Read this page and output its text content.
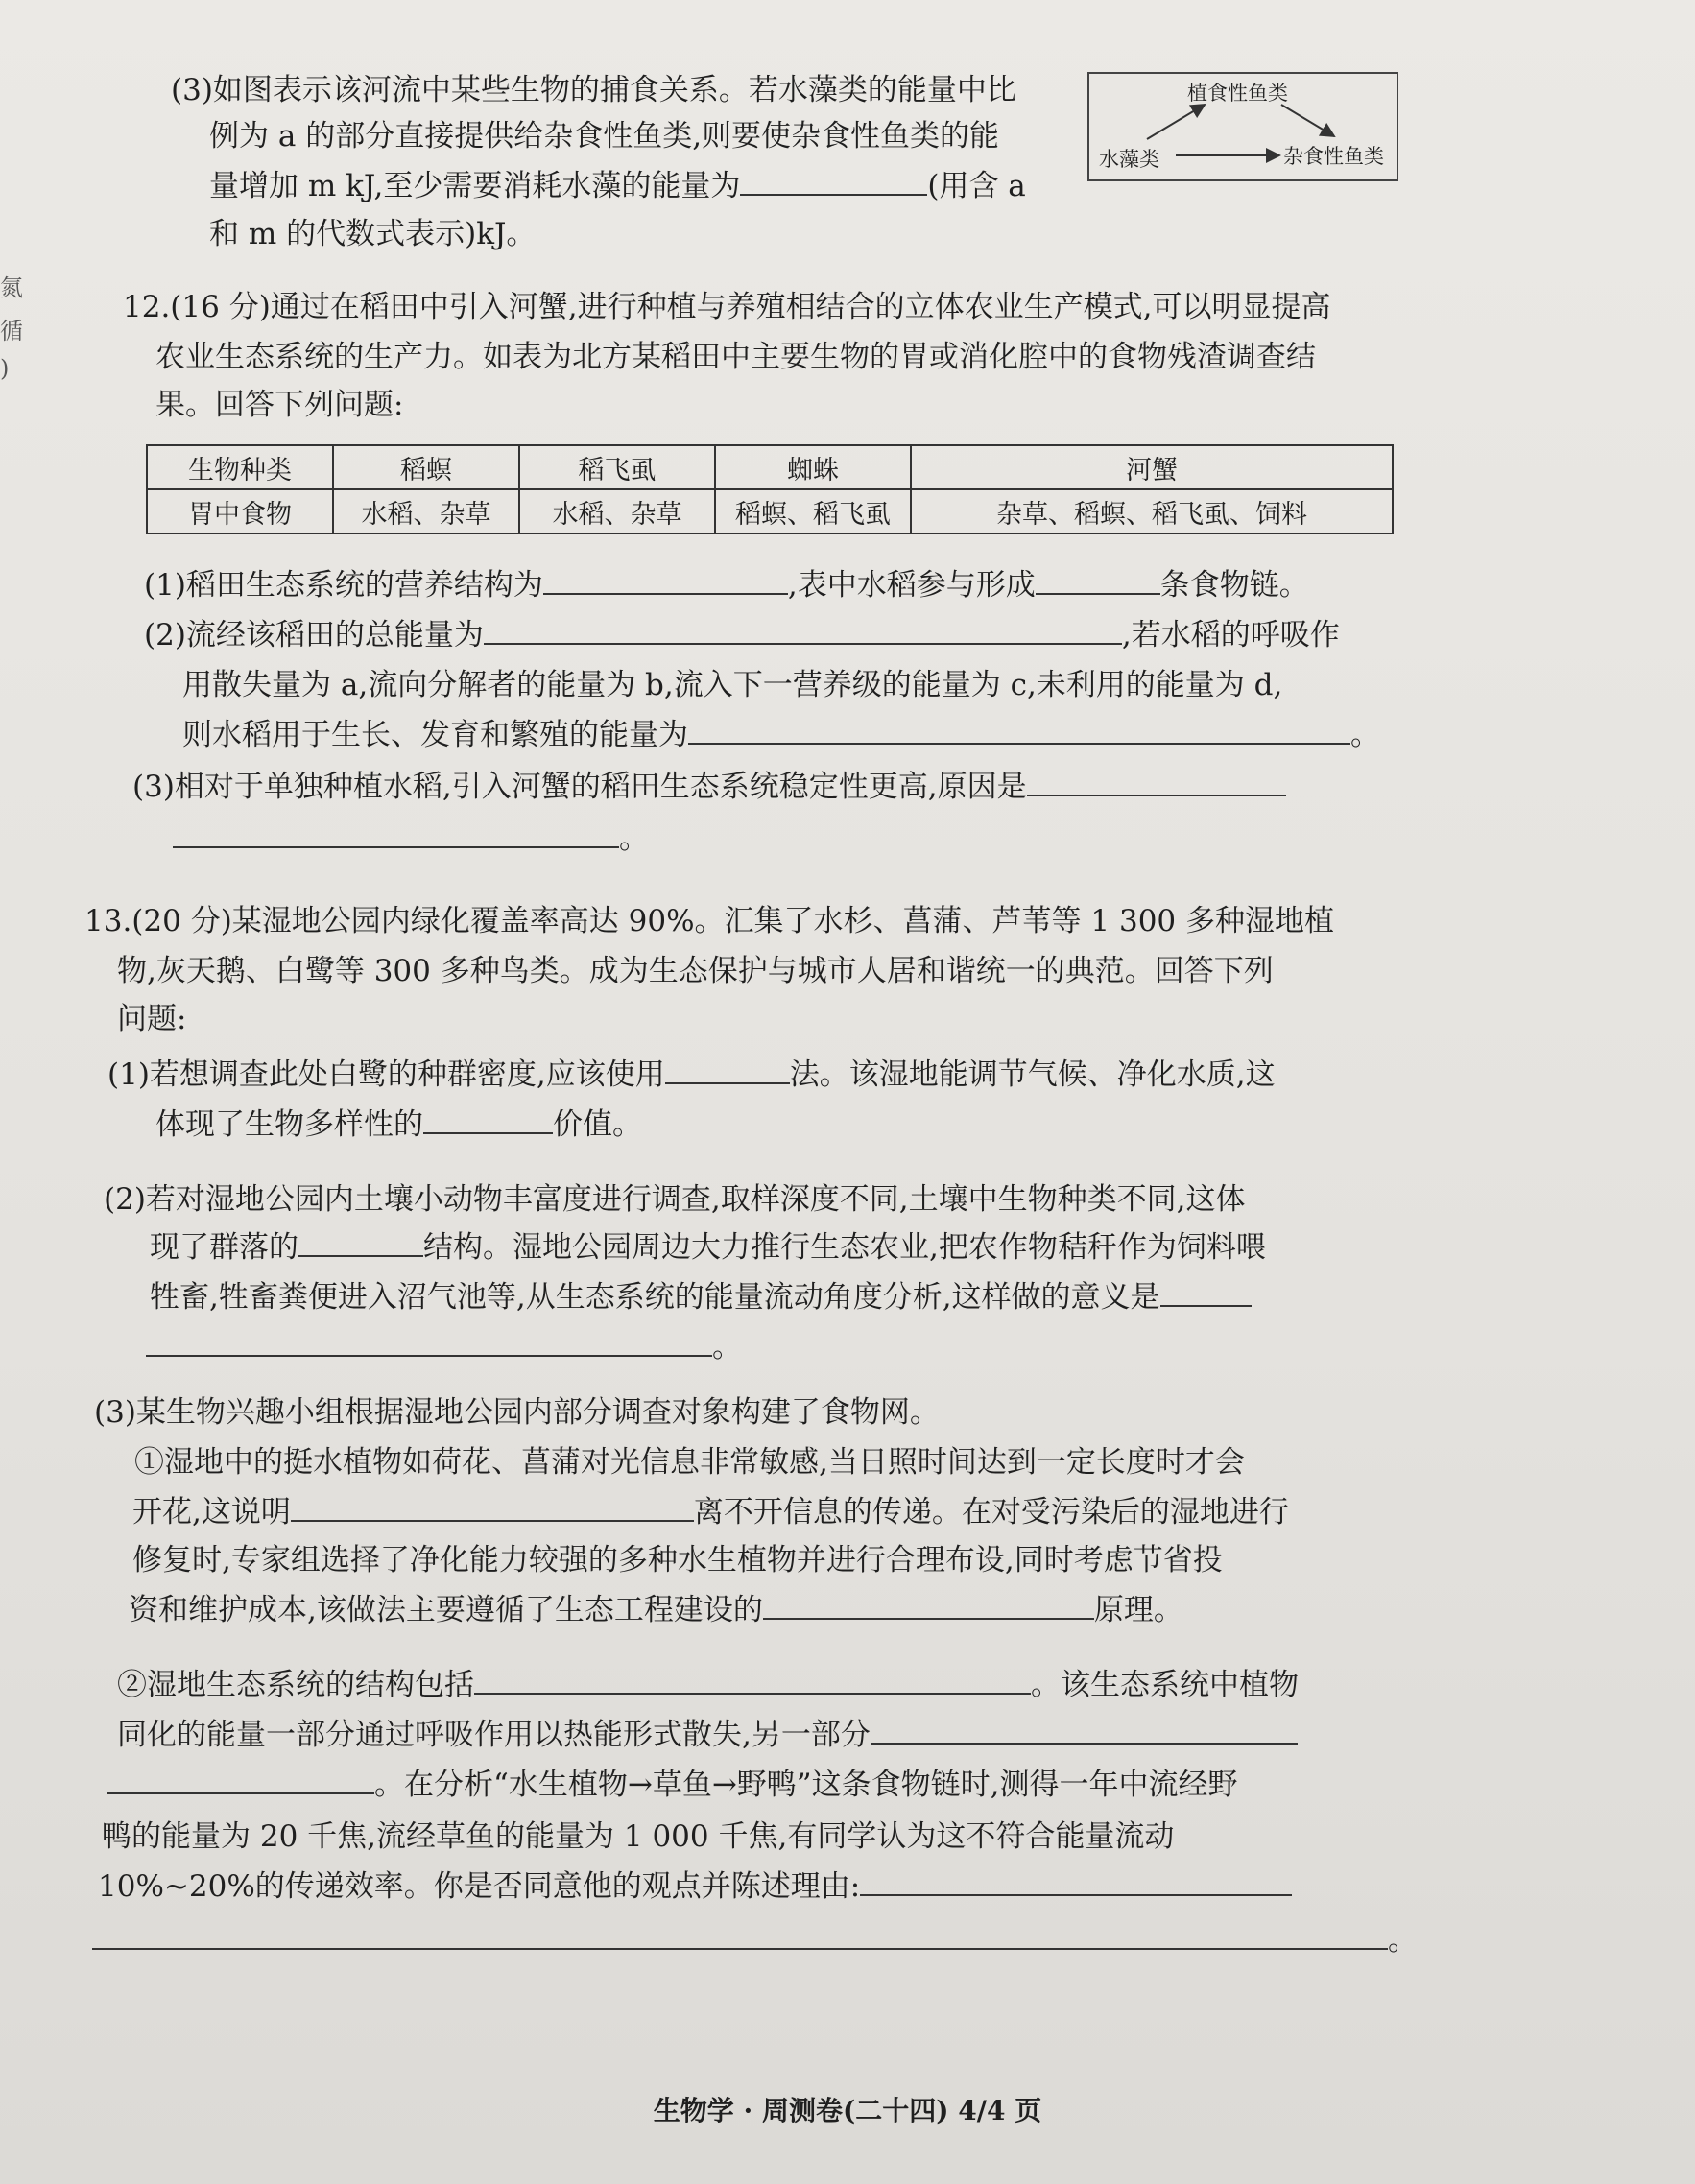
氮
循
)
(3)如图表示该河流中某些生物的捕食关系。若水藻类的能量中比
例为 a 的部分直接提供给杂食性鱼类,则要使杂食性鱼类的能
量增加 m kJ,至少需要消耗水藻的能量为	(用含 a
和 m 的代数式表示)kJ。
植食性鱼类
水藻类	杂食性鱼类
12.(16 分)通过在稻田中引入河蟹,进行种植与养殖相结合的立体农业生产模式,可以明显提高
农业生态系统的生产力。如表为北方某稻田中主要生物的胃或消化腔中的食物残渣调查结
果。回答下列问题:
生物种类	稻螟	稻飞虱	蜘蛛	河蟹
胃中食物	水稻、杂草	水稻、杂草	稻螟、稻飞虱	杂草、稻螟、稻飞虱、饲料
(1)稻田生态系统的营养结构为	,表中水稻参与形成	条食物链。
(2)流经该稻田的总能量为	,若水稻的呼吸作
用散失量为 a,流向分解者的能量为 b,流入下一营养级的能量为 c,未利用的能量为 d,
则水稻用于生长、发育和繁殖的能量为	。
(3)相对于单独种植水稻,引入河蟹的稻田生态系统稳定性更高,原因是
。
13.(20 分)某湿地公园内绿化覆盖率高达 90%。汇集了水杉、菖蒲、芦苇等 1 300 多种湿地植
物,灰天鹅、白鹭等 300 多种鸟类。成为生态保护与城市人居和谐统一的典范。回答下列
问题:
(1)若想调查此处白鹭的种群密度,应该使用	法。该湿地能调节气候、净化水质,这
体现了生物多样性的	价值。
(2)若对湿地公园内土壤小动物丰富度进行调查,取样深度不同,土壤中生物种类不同,这体
现了群落的	结构。湿地公园周边大力推行生态农业,把农作物秸秆作为饲料喂
牲畜,牲畜粪便进入沼气池等,从生态系统的能量流动角度分析,这样做的意义是
。
(3)某生物兴趣小组根据湿地公园内部分调查对象构建了食物网。
①湿地中的挺水植物如荷花、菖蒲对光信息非常敏感,当日照时间达到一定长度时才会
开花,这说明	离不开信息的传递。在对受污染后的湿地进行
修复时,专家组选择了净化能力较强的多种水生植物并进行合理布设,同时考虑节省投
资和维护成本,该做法主要遵循了生态工程建设的	原理。
②湿地生态系统的结构包括	。该生态系统中植物
同化的能量一部分通过呼吸作用以热能形式散失,另一部分
。在分析“水生植物→草鱼→野鸭”这条食物链时,测得一年中流经野
鸭的能量为 20 千焦,流经草鱼的能量为 1 000 千焦,有同学认为这不符合能量流动
10%~20%的传递效率。你是否同意他的观点并陈述理由:
。
生物学 · 周测卷(二十四) 4/4 页
